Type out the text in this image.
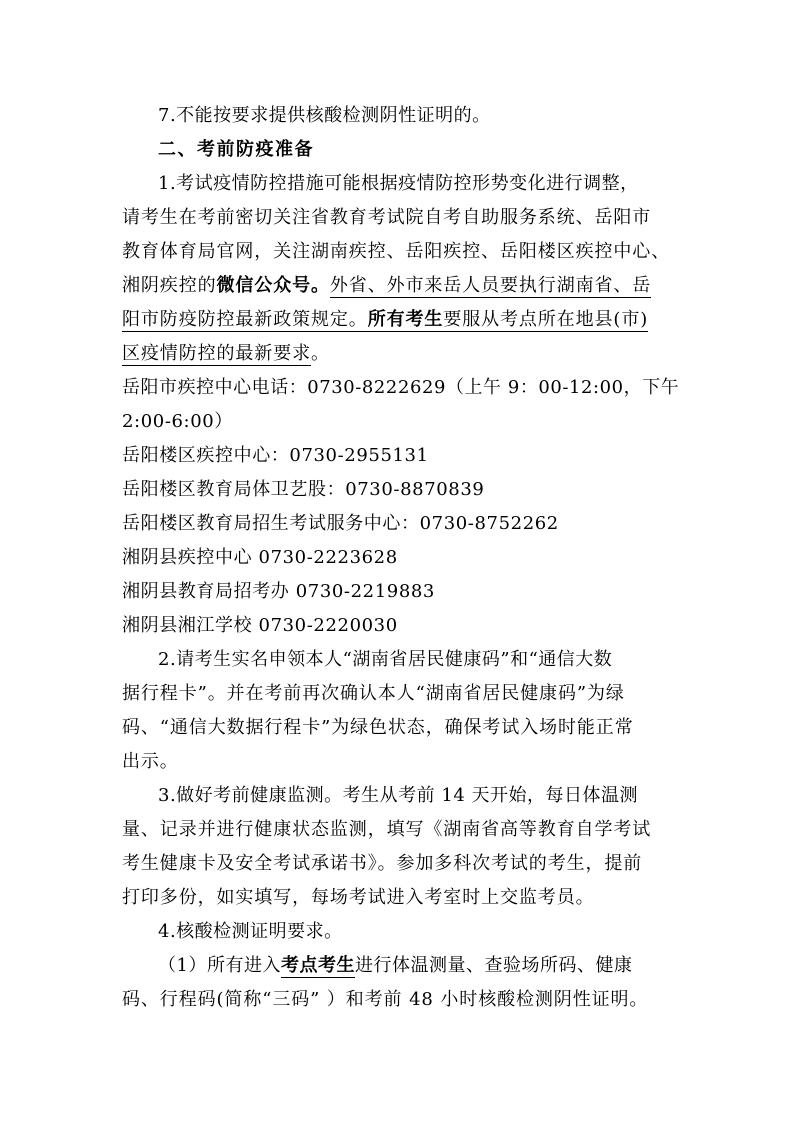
7.不能按要求提供核酸检测阴性证明的。
二、考前防疫准备
1.考试疫情防控措施可能根据疫情防控形势变化进行调整，
请考生在考前密切关注省教育考试院自考自助服务系统、岳阳市
教育体育局官网，关注湖南疾控、岳阳疾控、岳阳楼区疾控中心、
湘阴疾控的微信公众号。外省、外市来岳人员要执行湖南省、岳
阳市防疫防控最新政策规定。所有考生要服从考点所在地县(市)
区疫情防控的最新要求。
岳阳市疾控中心电话：0730-8222629（上午 9：00-12:00，下午
2:00-6:00）
岳阳楼区疾控中心：0730-2955131
岳阳楼区教育局体卫艺股：0730-8870839
岳阳楼区教育局招生考试服务中心：0730-8752262
湘阴县疾控中心 0730-2223628
湘阴县教育局招考办 0730-2219883
湘阴县湘江学校 0730-2220030
2.请考生实名申领本人“湖南省居民健康码”和“通信大数
据行程卡”。并在考前再次确认本人“湖南省居民健康码”为绿
码、“通信大数据行程卡”为绿色状态，确保考试入场时能正常
出示。
3.做好考前健康监测。考生从考前 14 天开始，每日体温测
量、记录并进行健康状态监测，填写《湖南省高等教育自学考试
考生健康卡及安全考试承诺书》。参加多科次考试的考生，提前
打印多份，如实填写，每场考试进入考室时上交监考员。
4.核酸检测证明要求。
（1）所有进入考点考生进行体温测量、查验场所码、健康
码、行程码(简称“三码” ）和考前 48 小时核酸检测阴性证明。
